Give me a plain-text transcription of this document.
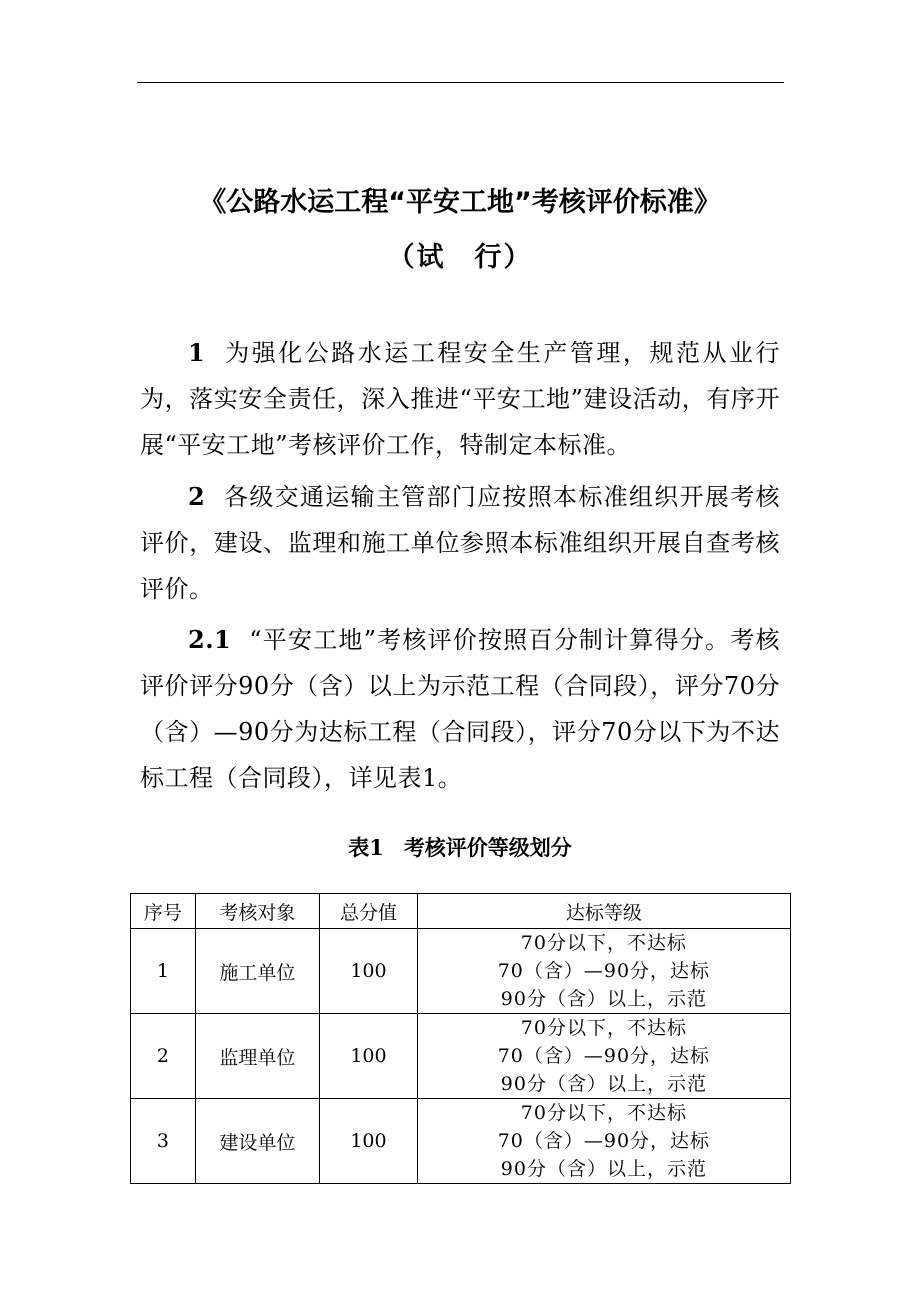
《公路水运工程“平安工地”考核评价标准》
（试　行）
1 为强化公路水运工程安全生产管理，规范从业行为，落实安全责任，深入推进“平安工地”建设活动，有序开展“平安工地”考核评价工作，特制定本标准。
2 各级交通运输主管部门应按照本标准组织开展考核评价，建设、监理和施工单位参照本标准组织开展自查考核评价。
2.1 “平安工地”考核评价按照百分制计算得分。考核评价评分90分（含）以上为示范工程（合同段），评分70分（含）—90分为达标工程（合同段），评分70分以下为不达标工程（合同段），详见表1。
表1 考核评价等级划分
序号	考核对象	总分值	达标等级
1	施工单位	100	70分以下，不达标
70（含）—90分，达标
90分（含）以上，示范

2	监理单位	100	70分以下，不达标
70（含）—90分，达标
90分（含）以上，示范

3	建设单位	100	70分以下，不达标
70（含）—90分，达标
90分（含）以上，示范
